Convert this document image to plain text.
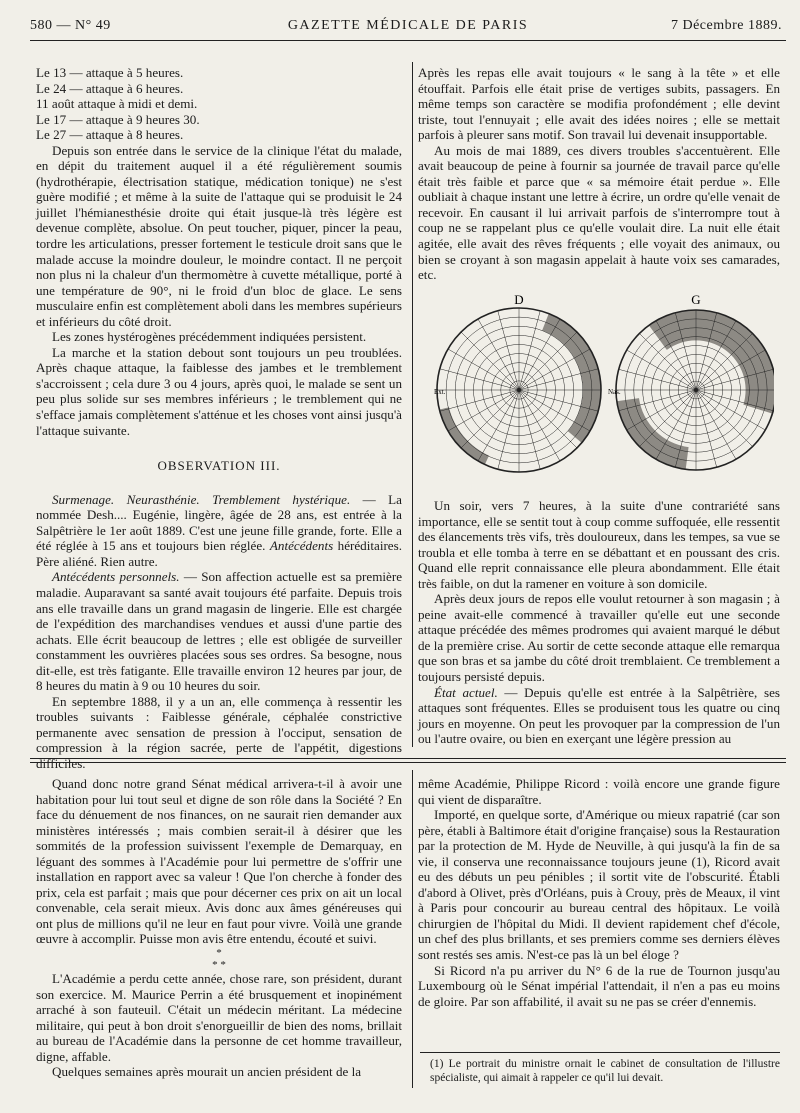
580 — N° 49	GAZETTE MÉDICALE DE PARIS	7 Décembre 1889.

Le 13 — attaque à 5 heures.

Le 24 — attaque à 6 heures.

11 août attaque à midi et demi.

Le 17 — attaque à 9 heures 30.

Le 27 — attaque à 8 heures.

Depuis son entrée dans le service de la clinique l'état du malade, en dépit du traitement auquel il a été régulièrement soumis (hydrothérapie, électrisation statique, médication tonique) ne s'est guère modifié ; et même à la suite de l'attaque qui se produisit le 24 juillet l'hémianesthésie droite qui était jusque-là très légère est devenue complète, absolue. On peut toucher, piquer, pincer la peau, tordre les articulations, presser fortement le testicule droit sans que le malade accuse la moindre douleur, le moindre contact. Il ne perçoit non plus ni la chaleur d'un thermomètre à cuvette métallique, porté à une température de 90°, ni le froid d'un bloc de glace. Le sens musculaire enfin est complètement aboli dans les membres supérieurs et inférieurs du côté droit.

Les zones hystérogènes précédemment indiquées persistent.

La marche et la station debout sont toujours un peu troublées. Après chaque attaque, la faiblesse des jambes et le tremblement s'accroissent ; cela dure 3 ou 4 jours, après quoi, le malade se sent un peu plus solide sur ses membres inférieurs ; le tremblement qui ne s'efface jamais complètement s'atténue et les choses vont ainsi jusqu'à l'attaque suivante.

OBSERVATION III.

Surmenage. Neurasthénie. Tremblement hystérique. — La nommée Desh.... Eugénie, lingère, âgée de 28 ans, est entrée à la Salpêtrière le 1er août 1889. C'est une jeune fille grande, forte. Elle a été réglée à 15 ans et toujours bien réglée. Antécédents héréditaires. Père aliéné. Rien autre.

Antécédents personnels. — Son affection actuelle est sa première maladie. Auparavant sa santé avait toujours été parfaite. Depuis trois ans elle travaille dans un grand magasin de lingerie. Elle est chargée de l'expédition des marchandises vendues et aussi d'une partie des achats. Elle écrit beaucoup de lettres ; elle est obligée de surveiller constamment les ouvrières placées sous ses ordres. Sa besogne, nous dit-elle, est très fatigante. Elle travaille environ 12 heures par jour, de 8 heures du matin à 9 ou 10 heures du soir.

En septembre 1888, il y a un an, elle commença à ressentir les troubles suivants : Faiblesse générale, céphalée constrictive permanente avec sensation de pression à l'occiput, sensation de compression à la région sacrée, perte de l'appétit, digestions difficiles.

Après les repas elle avait toujours « le sang à la tête » et elle étouffait. Parfois elle était prise de vertiges subits, passagers. En même temps son caractère se modifia profondément ; elle devint triste, tout l'ennuyait ; elle avait des idées noires ; elle se mettait parfois à pleurer sans motif. Son travail lui devenait insupportable.

Au mois de mai 1889, ces divers troubles s'accentuèrent. Elle avait beaucoup de peine à fournir sa journée de travail parce qu'elle était très faible et parce que « sa mémoire était perdue ». Elle oubliait à chaque instant une lettre à écrire, un ordre qu'elle venait de recevoir. En causant il lui arrivait parfois de s'interrompre tout à coup ne se rappelant plus ce qu'elle voulait dire. La nuit elle était agitée, elle avait des rêves fréquents ; elle voyait des animaux, ou bien se croyant à son magasin appelait à haute voix ses camarades, etc.

D	G
Ext.	Nas.

Un soir, vers 7 heures, à la suite d'une contrariété sans importance, elle se sentit tout à coup comme suffoquée, elle ressentit des élancements très vifs, très douloureux, dans les tempes, sa vue se troubla et elle tomba à terre en se débattant et en poussant des cris. Quand elle reprit connaissance elle pleura abondamment. Elle était très faible, on dut la ramener en voiture à son domicile.

Après deux jours de repos elle voulut retourner à son magasin ; à peine avait-elle commencé à travailler qu'elle eut une seconde attaque précédée des mêmes prodromes qui avaient marqué le début de la première crise. Au sortir de cette seconde attaque elle remarqua que son bras et sa jambe du côté droit tremblaient. Ce tremblement a toujours persisté depuis.

État actuel. — Depuis qu'elle est entrée à la Salpêtrière, ses attaques sont fréquentes. Elles se produisent tous les quatre ou cinq jours en moyenne. On peut les provoquer par la compression de l'un ou l'autre ovaire, ou bien en exerçant une légère pression au

Quand donc notre grand Sénat médical arrivera-t-il à avoir une habitation pour lui tout seul et digne de son rôle dans la Société ? En face du dénuement de nos finances, on ne saurait rien demander aux ministères intéressés ; mais combien serait-il à désirer que les sommités de la profession suivissent l'exemple de Demarquay, en léguant des sommes à l'Académie pour lui permettre de s'offrir une installation en rapport avec sa valeur ! Que l'on cherche à fonder des prix, cela est parfait ; mais que pour décerner ces prix on ait un local convenable, cela serait mieux. Avis donc aux âmes généreuses qui ont plus de millions qu'il ne leur en faut pour vivre. Voilà une grande œuvre à accomplir. Puisse mon avis être entendu, écouté et suivi.

*
* *

L'Académie a perdu cette année, chose rare, son président, durant son exercice. M. Maurice Perrin a été brusquement et inopinément arraché à son fauteuil. C'était un médecin méritant. La médecine militaire, qui peut à bon droit s'enorgueillir de bien des noms, brillait au bureau de l'Académie dans la personne de cet homme travailleur, digne, affable.

Quelques semaines après mourait un ancien président de la

même Académie, Philippe Ricord : voilà encore une grande figure qui vient de disparaître.

Importé, en quelque sorte, d'Amérique ou mieux rapatrié (car son père, établi à Baltimore était d'origine française) sous la Restauration par la protection de M. Hyde de Neuville, à qui jusqu'à la fin de sa vie, il conserva une reconnaissance toujours jeune (1), Ricord avait eu des débuts un peu pénibles ; il sortit vite de l'obscurité. Établi d'abord à Olivet, près d'Orléans, puis à Crouy, près de Meaux, il vint à Paris pour concourir au bureau central des hôpitaux. Le voilà chirurgien de l'hôpital du Midi. Il devient rapidement chef d'école, un chef des plus brillants, et ses premiers comme ses derniers élèves sont restés ses amis. N'est-ce pas là un bel éloge ?

Si Ricord n'a pu arriver du N° 6 de la rue de Tournon jusqu'au Luxembourg où le Sénat impérial l'attendait, il n'en a pas eu moins de gloire. Par son affabilité, il avait su ne pas se créer d'ennemis.

(1) Le portrait du ministre ornait le cabinet de consultation de l'illustre spécialiste, qui aimait à rappeler ce qu'il lui devait.
